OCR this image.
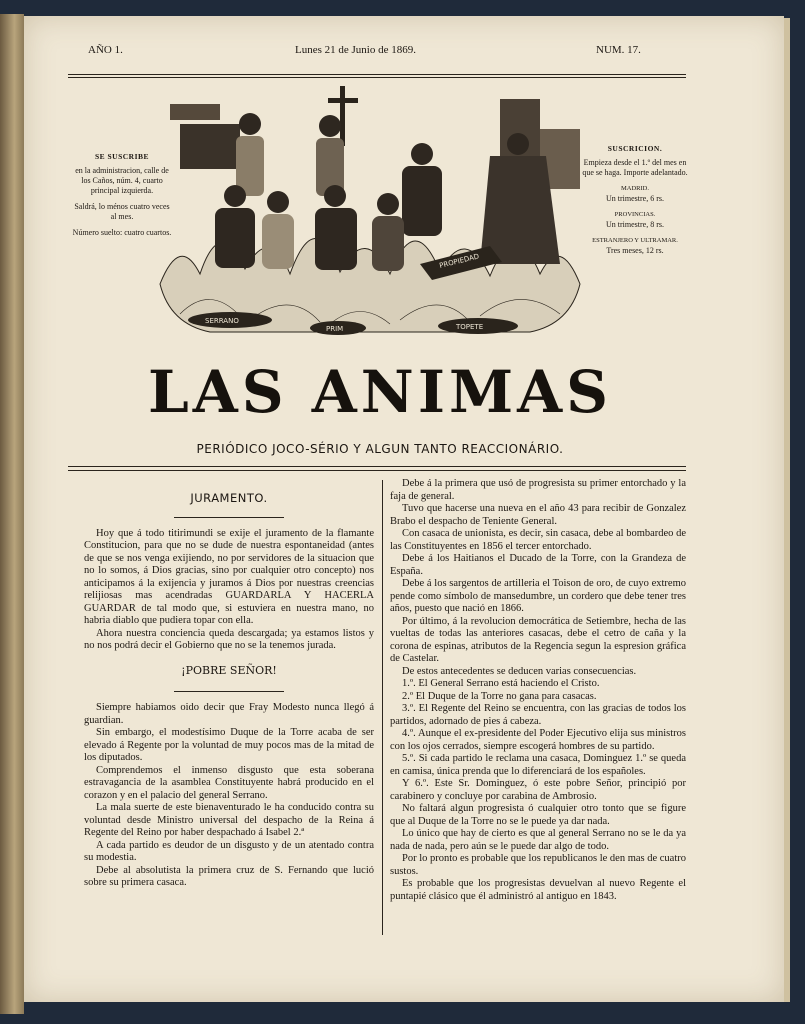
AÑO 1.	Lunes 21 de Junio de 1869.	NUM. 17.
SE SUSCRIBE

en la administracion, calle de los Caños, núm. 4, cuarto principal izquierda.

Saldrá, lo ménos cuatro veces al mes.

Número suelto: cuatro cuartos.

SUSCRICION.

Empieza desde el 1.º del mes en que se haga. Importe adelantado.

MADRID.

Un trimestre, 6 rs.

PROVINCIAS.

Un trimestre, 8 rs.

ESTRANJERO Y ULTRAMAR.

Tres meses, 12 rs.

PROPIEDAD
SERRANO
PRIM	TOPETE
LAS ANIMAS
PERIÓDICO JOCO-SÉRIO Y ALGUN TANTO REACCIONÁRIO.
JURAMENTO.

Hoy que á todo titirimundi se exije el juramento de la flamante Constitucion, para que no se dude de nuestra espontaneidad (antes de que se nos venga exijiendo, no por servidores de la situacion que no lo somos, á Dios gracias, sino por cualquier otro concepto) nos anticipamos á la exijencia y juramos á Dios por nuestras creencias relijiosas mas acendradas GUARDARLA Y HACERLA GUARDAR de tal modo que, si estuviera en nuestra mano, no habria diablo que pudiera topar con ella.

Ahora nuestra conciencia queda descargada; ya estamos listos y no nos podrá decir el Gobierno que no se la tenemos jurada.

¡POBRE SEÑOR!

Siempre habiamos oido decir que Fray Modesto nunca llegó á guardian.

Sin embargo, el modestísimo Duque de la Torre acaba de ser elevado á Regente por la voluntad de muy pocos mas de la mitad de los diputados.

Comprendemos el inmenso disgusto que esta soberana estravagancia de la asamblea Constituyente habrá producido en el corazon y en el palacio del general Serrano.

La mala suerte de este bienaventurado le ha conducido contra su voluntad desde Ministro universal del despacho de la Reina á Regente del Reino por haber despachado á Isabel 2.ª

A cada partido es deudor de un disgusto y de un atentado contra su modestia.

Debe al absolutista la primera cruz de S. Fernando que lució sobre su primera casaca.

Debe á la primera que usó de progresista su primer entorchado y la faja de general.

Tuvo que hacerse una nueva en el año 43 para recibir de Gonzalez Brabo el despacho de Teniente General.

Con casaca de unionista, es decir, sin casaca, debe al bombardeo de las Constituyentes en 1856 el tercer entorchado.

Debe á los Haitianos el Ducado de la Torre, con la Grandeza de España.

Debe á los sargentos de artilleria el Toison de oro, de cuyo extremo pende como símbolo de mansedumbre, un cordero que debe tener tres años, puesto que nació en 1866.

Por último, á la revolucion democrática de Setiembre, hecha de las vueltas de todas las anteriores casacas, debe el cetro de caña y la corona de espinas, atributos de la Regencia segun la espresion gráfica de Castelar.

De estos antecedentes se deducen varias consecuencias.

1.º. El General Serrano está haciendo el Cristo.

2.º El Duque de la Torre no gana para casacas.

3.º. El Regente del Reino se encuentra, con las gracias de todos los partidos, adornado de pies á cabeza.

4.º. Aunque el ex-presidente del Poder Ejecutivo elija sus ministros con los ojos cerrados, siempre escogerá hombres de su partido.

5.º. Si cada partido le reclama una casaca, Dominguez 1.º se queda en camisa, única prenda que lo diferenciará de los españoles.

Y 6.º. Este Sr. Dominguez, ó este pobre Señor, principió por carabinero y concluye por carabina de Ambrosio.

No faltará algun progresista ó cualquier otro tonto que se figure que al Duque de la Torre no se le puede ya dar nada.

Lo único que hay de cierto es que al general Serrano no se le da ya nada de nada, pero aún se le puede dar algo de todo.

Por lo pronto es probable que los republicanos le den mas de cuatro sustos.

Es probable que los progresistas devuelvan al nuevo Regente el puntapié clásico que él administró al antiguo en 1843.
